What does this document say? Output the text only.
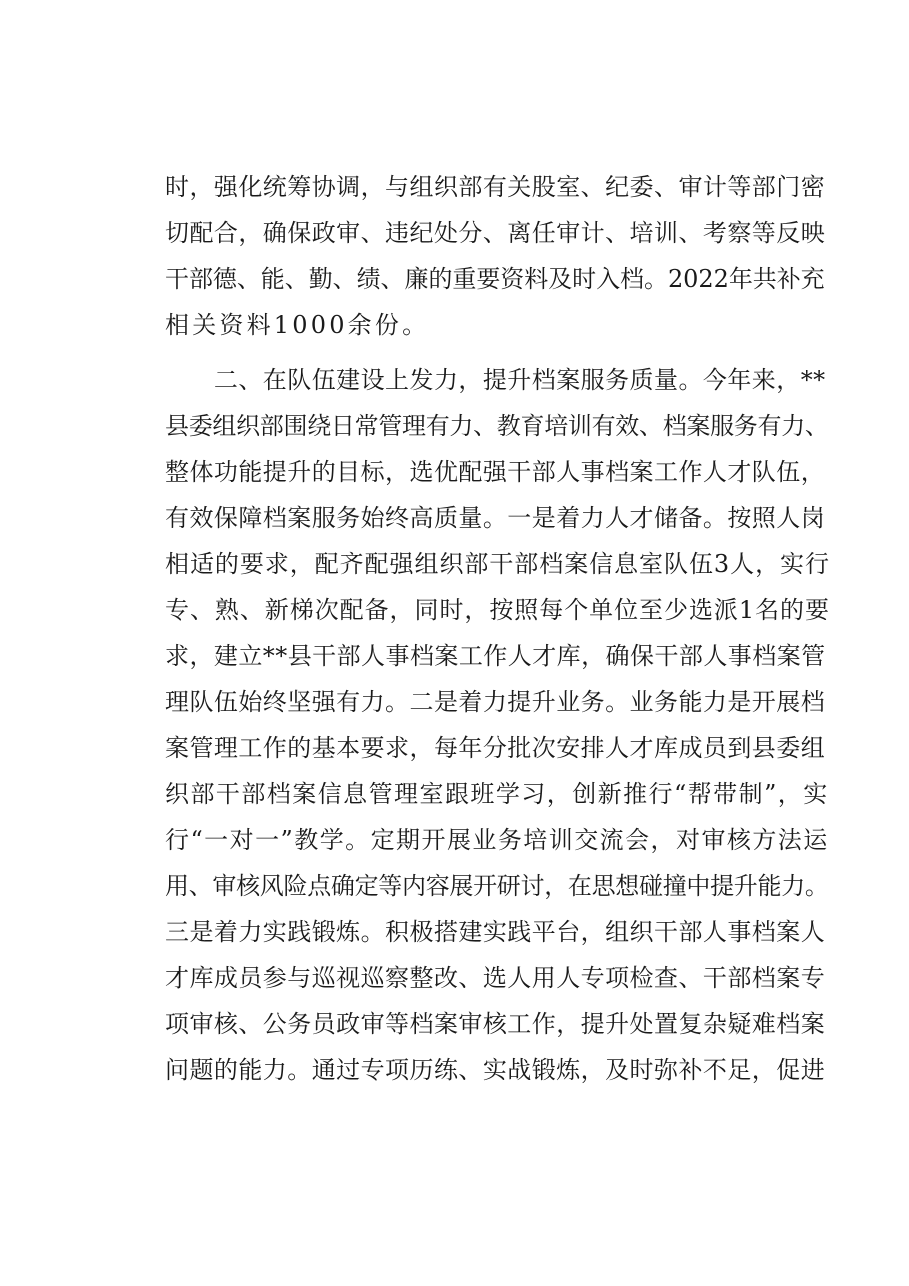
时，强化统筹协调，与组织部有关股室、纪委、审计等部门密
切配合，确保政审、违纪处分、离任审计、培训、考察等反映
干部德、能、勤、绩、廉的重要资料及时入档。2022年共补充
相关资料1000余份。
　　二、在队伍建设上发力，提升档案服务质量。今年来，**
县委组织部围绕日常管理有力、教育培训有效、档案服务有力、
整体功能提升的目标，选优配强干部人事档案工作人才队伍，
有效保障档案服务始终高质量。一是着力人才储备。按照人岗
相适的要求，配齐配强组织部干部档案信息室队伍3人，实行
专、熟、新梯次配备，同时，按照每个单位至少选派1名的要
求，建立**县干部人事档案工作人才库，确保干部人事档案管
理队伍始终坚强有力。二是着力提升业务。业务能力是开展档
案管理工作的基本要求，每年分批次安排人才库成员到县委组
织部干部档案信息管理室跟班学习，创新推行“帮带制”，实
行“一对一”教学。定期开展业务培训交流会，对审核方法运
用、审核风险点确定等内容展开研讨，在思想碰撞中提升能力。
三是着力实践锻炼。积极搭建实践平台，组织干部人事档案人
才库成员参与巡视巡察整改、选人用人专项检查、干部档案专
项审核、公务员政审等档案审核工作，提升处置复杂疑难档案
问题的能力。通过专项历练、实战锻炼，及时弥补不足，促进
